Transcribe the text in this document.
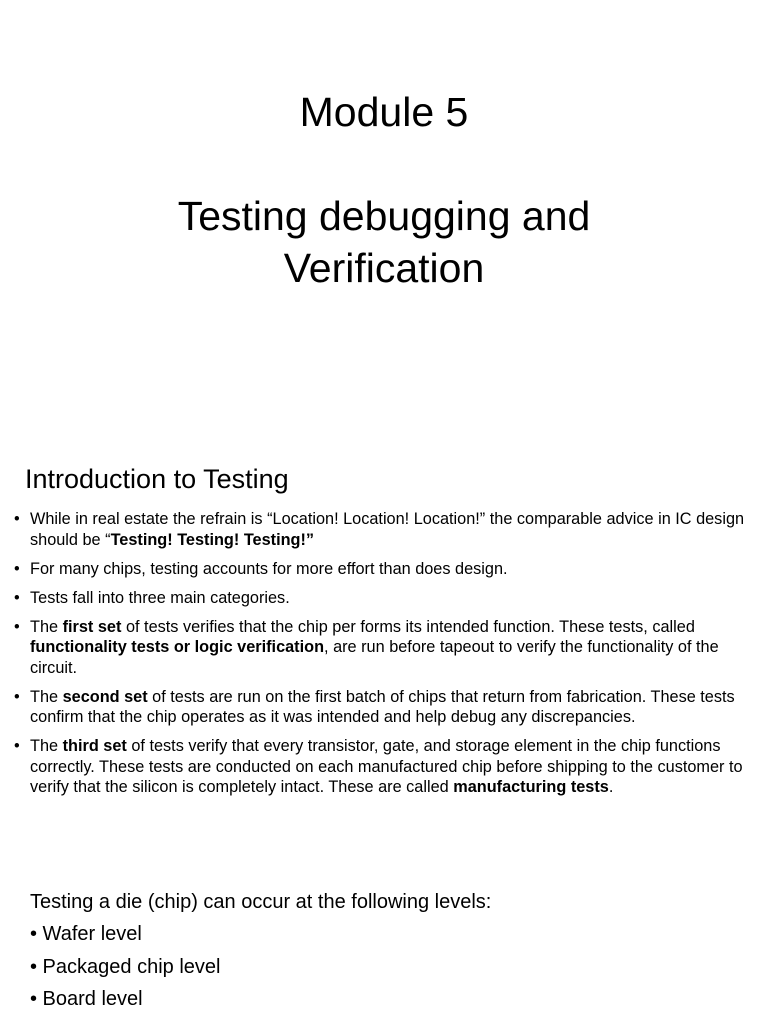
Module 5
Testing debugging and
Verification
Introduction to Testing
• While in real estate the refrain is “Location! Location! Location!” the comparable advice in IC design should be “Testing! Testing! Testing!”
• For many chips, testing accounts for more effort than does design.
• Tests fall into three main categories.
• The first set of tests verifies that the chip per forms its intended function. These tests, called functionality tests or logic verification, are run before tapeout to verify the functionality of the circuit.
• The second set of tests are run on the first batch of chips that return from fabrication. These tests confirm that the chip operates as it was intended and help debug any discrepancies.
• The third set of tests verify that every transistor, gate, and storage element in the chip functions correctly. These tests are conducted on each manufactured chip before shipping to the customer to verify that the silicon is completely intact. These are called manufacturing tests.

Testing a die (chip) can occur at the following levels:

• Wafer level
• Packaged chip level
• Board level
